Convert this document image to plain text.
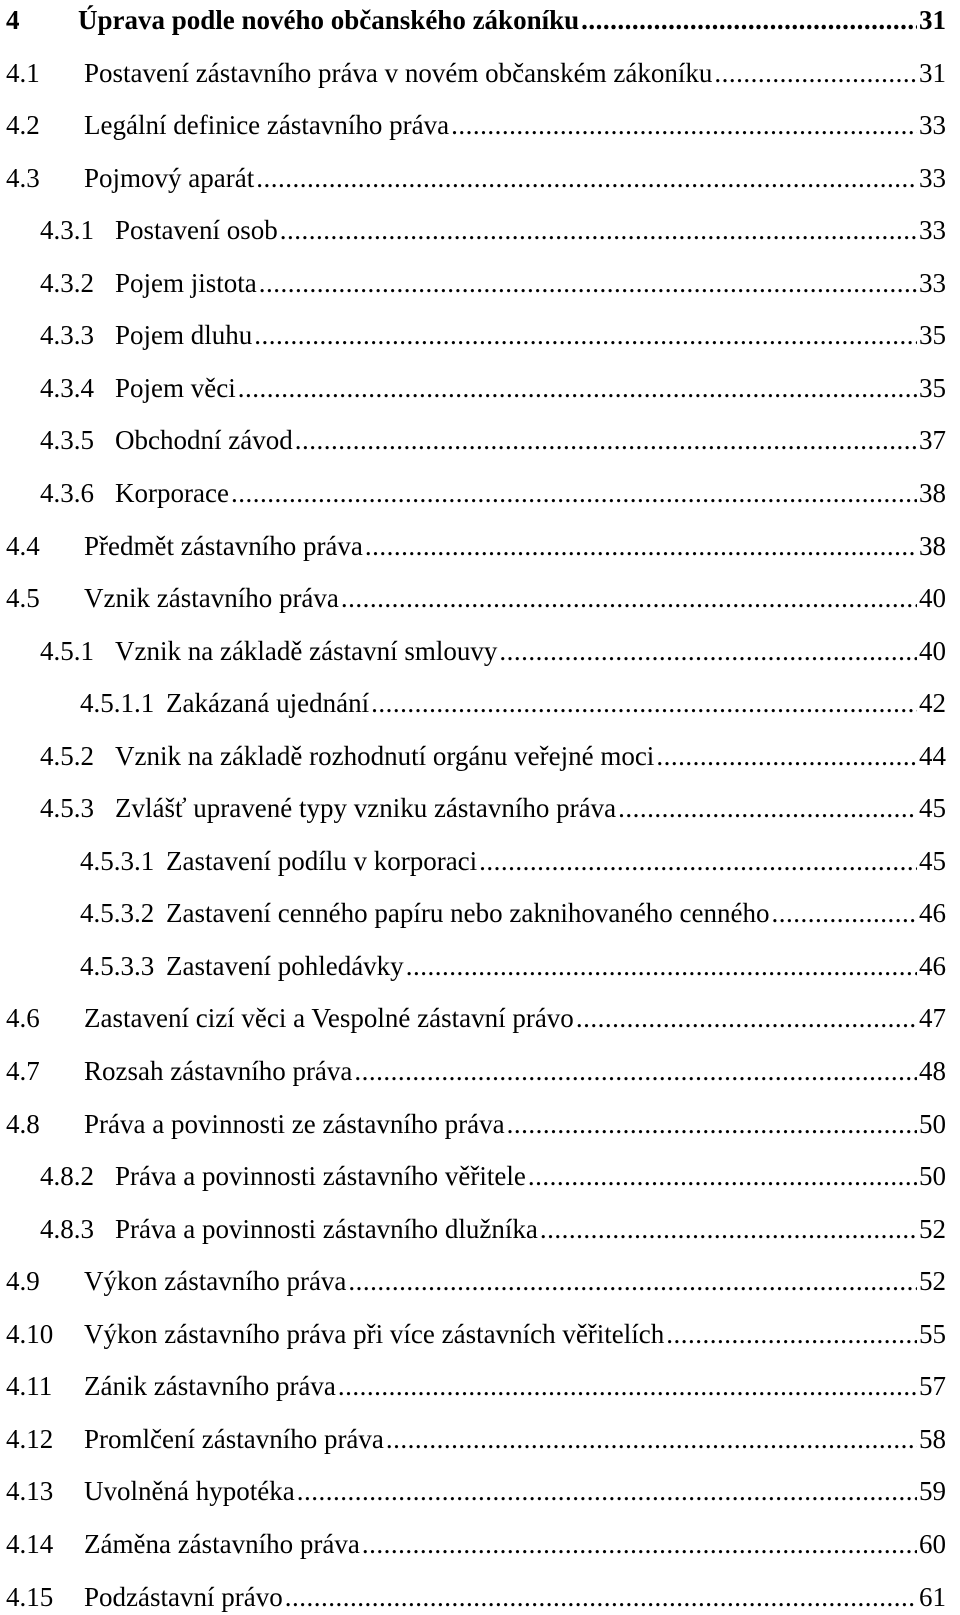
4	Úprava podle nového občanského zákoníku .....	31
4.1	Postavení zástavního práva v novém občanském zákoníku .....	31
4.2	Legální definice zástavního práva .....	33
4.3	Pojmový aparát .....	33
4.3.1 Postavení osob .....	33
4.3.2 Pojem jistota .....	33
4.3.3 Pojem dluhu .....	35
4.3.4 Pojem věci .....	35
4.3.5 Obchodní závod .....	37
4.3.6 Korporace .....	38
4.4	Předmět zástavního práva .....	38
4.5	Vznik zástavního práva .....	40
4.5.1 Vznik na základě zástavní smlouvy .....	40
4.5.1.1 Zakázaná ujednání .....	42
4.5.2 Vznik na základě rozhodnutí orgánu veřejné moci .....	44
4.5.3 Zvlášť upravené typy vzniku zástavního práva .....	45
4.5.3.1 Zastavení podílu v korporaci .....	45
4.5.3.2 Zastavení cenného papíru nebo zaknihovaného cenného .....	46
4.5.3.3 Zastavení pohledávky .....	46
4.6	Zastavení cizí věci a Vespolné zástavní právo .....	47
4.7	Rozsah zástavního práva .....	48
4.8	Práva a povinnosti ze zástavního práva .....	50
4.8.2 Práva a povinnosti zástavního věřitele .....	50
4.8.3 Práva a povinnosti zástavního dlužníka .....	52
4.9	Výkon zástavního práva .....	52
4.10	Výkon zástavního práva při více zástavních věřitelích .....	55
4.11	Zánik zástavního práva .....	57
4.12	Promlčení zástavního práva .....	58
4.13	Uvolněná hypotéka .....	59
4.14	Záměna zástavního práva .....	60
4.15	Podzástavní právo .....	61
